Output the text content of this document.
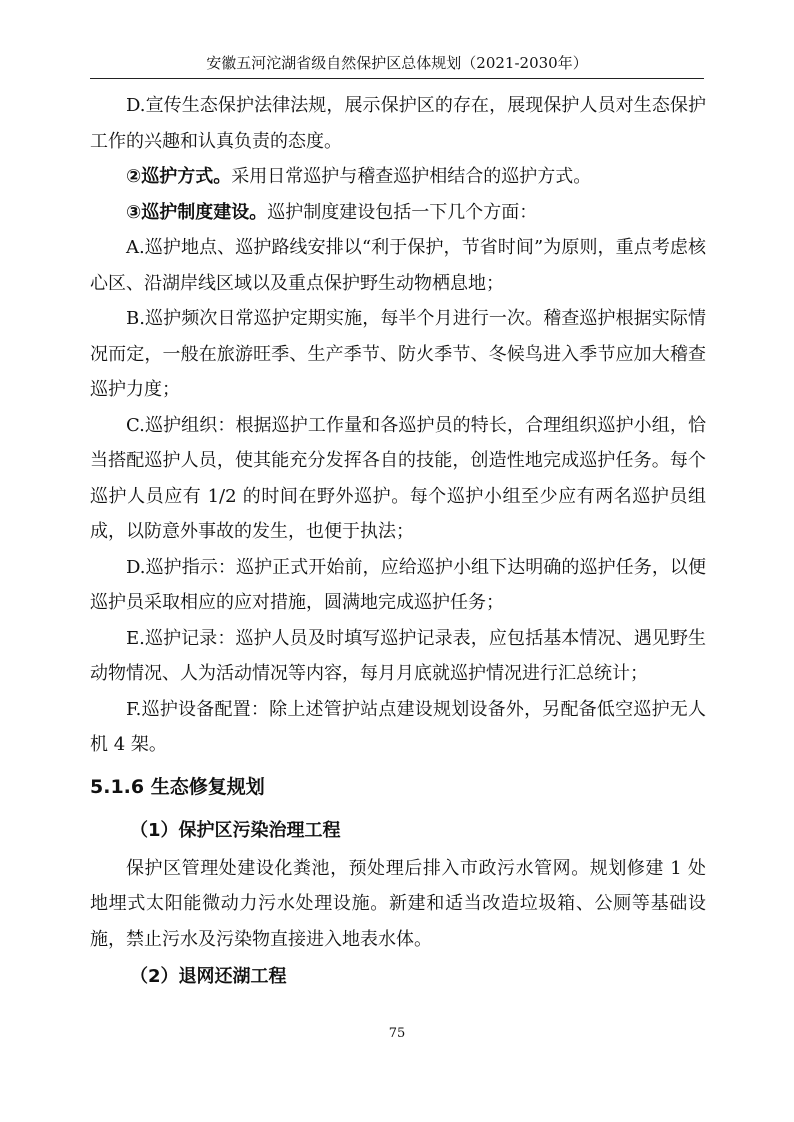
安徽五河沱湖省级自然保护区总体规划（2021-2030年）

D.宣传生态保护法律法规，展示保护区的存在，展现保护人员对生态保护工作的兴趣和认真负责的态度。

②巡护方式。采用日常巡护与稽查巡护相结合的巡护方式。

③巡护制度建设。巡护制度建设包括一下几个方面：

A.巡护地点、巡护路线安排以“利于保护，节省时间”为原则，重点考虑核心区、沿湖岸线区域以及重点保护野生动物栖息地；

B.巡护频次日常巡护定期实施，每半个月进行一次。稽查巡护根据实际情况而定，一般在旅游旺季、生产季节、防火季节、冬候鸟进入季节应加大稽查巡护力度；

C.巡护组织：根据巡护工作量和各巡护员的特长，合理组织巡护小组，恰当搭配巡护人员，使其能充分发挥各自的技能，创造性地完成巡护任务。每个巡护人员应有 1/2 的时间在野外巡护。每个巡护小组至少应有两名巡护员组成，以防意外事故的发生，也便于执法；

D.巡护指示：巡护正式开始前，应给巡护小组下达明确的巡护任务，以便巡护员采取相应的应对措施，圆满地完成巡护任务；

E.巡护记录：巡护人员及时填写巡护记录表，应包括基本情况、遇见野生动物情况、人为活动情况等内容，每月月底就巡护情况进行汇总统计；

F.巡护设备配置：除上述管护站点建设规划设备外，另配备低空巡护无人机 4 架。

5.1.6 生态修复规划
（1）保护区污染治理工程

保护区管理处建设化粪池，预处理后排入市政污水管网。规划修建 1 处地埋式太阳能微动力污水处理设施。新建和适当改造垃圾箱、公厕等基础设施，禁止污水及污染物直接进入地表水体。

（2）退网还湖工程
75
